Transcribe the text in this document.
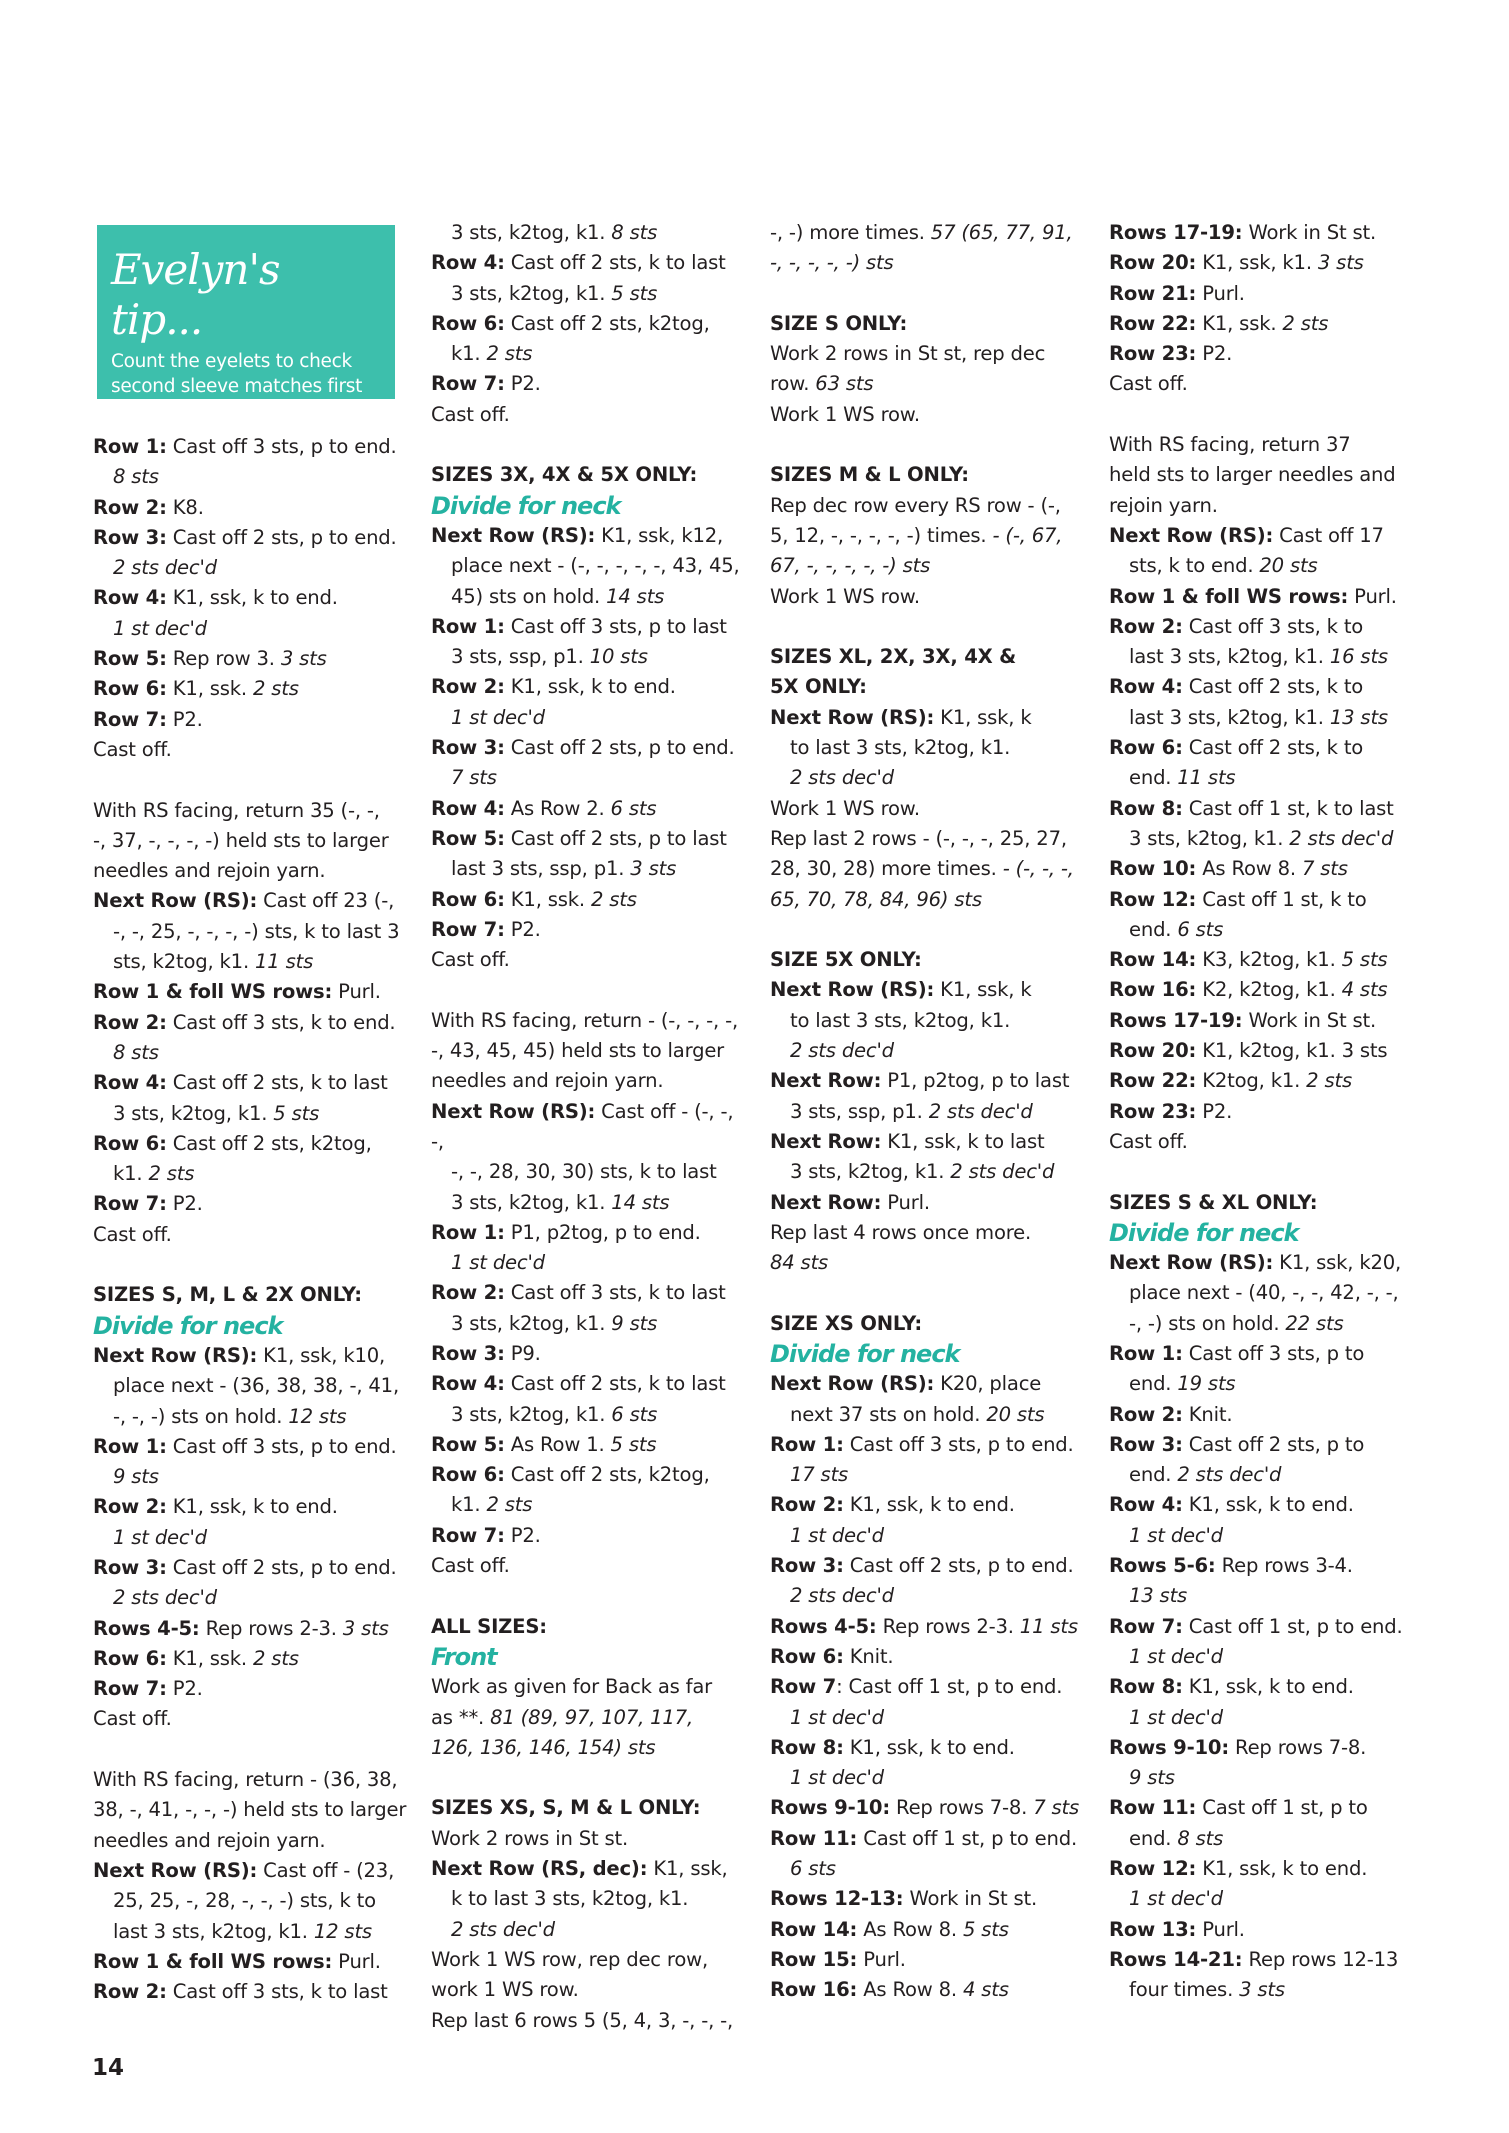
Evelyn's tip...
Count the eyelets to check second sleeve matches first for length
Row 1: Cast off 3 sts, p to end.
8 sts
Row 2: K8.
Row 3: Cast off 2 sts, p to end.
2 sts dec'd
Row 4: K1, ssk, k to end.
1 st dec'd
Row 5: Rep row 3. 3 sts
Row 6: K1, ssk. 2 sts
Row 7: P2.
Cast off.
With RS facing, return 35 (-, -,
-, 37, -, -, -, -) held sts to larger
needles and rejoin yarn.
Next Row (RS): Cast off 23 (-,
-, -, 25, -, -, -, -) sts, k to last 3
sts, k2tog, k1. 11 sts
Row 1 & foll WS rows: Purl.
Row 2: Cast off 3 sts, k to end.
8 sts
Row 4: Cast off 2 sts, k to last
3 sts, k2tog, k1. 5 sts
Row 6: Cast off 2 sts, k2tog,
k1. 2 sts
Row 7: P2.
Cast off.
SIZES S, M, L & 2X ONLY:
Divide for neck
Next Row (RS): K1, ssk, k10,
place next - (36, 38, 38, -, 41,
-, -, -) sts on hold. 12 sts
Row 1: Cast off 3 sts, p to end.
9 sts
Row 2: K1, ssk, k to end.
1 st dec'd
Row 3: Cast off 2 sts, p to end.
2 sts dec'd
Rows 4-5: Rep rows 2-3. 3 sts
Row 6: K1, ssk. 2 sts
Row 7: P2.
Cast off.
With RS facing, return - (36, 38,
38, -, 41, -, -, -) held sts to larger
needles and rejoin yarn.
Next Row (RS): Cast off - (23,
25, 25, -, 28, -, -, -) sts, k to
last 3 sts, k2tog, k1. 12 sts
Row 1 & foll WS rows: Purl.
Row 2: Cast off 3 sts, k to last
3 sts, k2tog, k1. 8 sts
Row 4: Cast off 2 sts, k to last
3 sts, k2tog, k1. 5 sts
Row 6: Cast off 2 sts, k2tog,
k1. 2 sts
Row 7: P2.
Cast off.
SIZES 3X, 4X & 5X ONLY:
Divide for neck
Next Row (RS): K1, ssk, k12,
place next - (-, -, -, -, -, 43, 45,
45) sts on hold. 14 sts
Row 1: Cast off 3 sts, p to last
3 sts, ssp, p1. 10 sts
Row 2: K1, ssk, k to end.
1 st dec'd
Row 3: Cast off 2 sts, p to end.
7 sts
Row 4: As Row 2. 6 sts
Row 5: Cast off 2 sts, p to last
last 3 sts, ssp, p1. 3 sts
Row 6: K1, ssk. 2 sts
Row 7: P2.
Cast off.
With RS facing, return - (-, -, -, -,
-, 43, 45, 45) held sts to larger
needles and rejoin yarn.
Next Row (RS): Cast off - (-, -, -,
-, -, 28, 30, 30) sts, k to last
3 sts, k2tog, k1. 14 sts
Row 1: P1, p2tog, p to end.
1 st dec'd
Row 2: Cast off 3 sts, k to last
3 sts, k2tog, k1. 9 sts
Row 3: P9.
Row 4: Cast off 2 sts, k to last
3 sts, k2tog, k1. 6 sts
Row 5: As Row 1. 5 sts
Row 6: Cast off 2 sts, k2tog,
k1. 2 sts
Row 7: P2.
Cast off.
ALL SIZES:
Front
Work as given for Back as far
as **. 81 (89, 97, 107, 117,
126, 136, 146, 154) sts
SIZES XS, S, M & L ONLY:
Work 2 rows in St st.
Next Row (RS, dec): K1, ssk,
k to last 3 sts, k2tog, k1.
2 sts dec'd
Work 1 WS row, rep dec row,
work 1 WS row.
Rep last 6 rows 5 (5, 4, 3, -, -, -,
-, -) more times. 57 (65, 77, 91,
-, -, -, -, -) sts
SIZE S ONLY:
Work 2 rows in St st, rep dec
row. 63 sts
Work 1 WS row.
SIZES M & L ONLY:
Rep dec row every RS row - (-,
5, 12, -, -, -, -, -) times. - (-, 67,
67, -, -, -, -, -) sts
Work 1 WS row.
SIZES XL, 2X, 3X, 4X &
5X ONLY:
Next Row (RS): K1, ssk, k
to last 3 sts, k2tog, k1.
2 sts dec'd
Work 1 WS row.
Rep last 2 rows - (-, -, -, 25, 27,
28, 30, 28) more times. - (-, -, -,
65, 70, 78, 84, 96) sts
SIZE 5X ONLY:
Next Row (RS): K1, ssk, k
to last 3 sts, k2tog, k1.
2 sts dec'd
Next Row: P1, p2tog, p to last
3 sts, ssp, p1. 2 sts dec'd
Next Row: K1, ssk, k to last
3 sts, k2tog, k1. 2 sts dec'd
Next Row: Purl.
Rep last 4 rows once more.
84 sts
SIZE XS ONLY:
Divide for neck
Next Row (RS): K20, place
next 37 sts on hold. 20 sts
Row 1: Cast off 3 sts, p to end.
17 sts
Row 2: K1, ssk, k to end.
1 st dec'd
Row 3: Cast off 2 sts, p to end.
2 sts dec'd
Rows 4-5: Rep rows 2-3. 11 sts
Row 6: Knit.
Row 7: Cast off 1 st, p to end.
1 st dec'd
Row 8: K1, ssk, k to end.
1 st dec'd
Rows 9-10: Rep rows 7-8. 7 sts
Row 11: Cast off 1 st, p to end.
6 sts
Rows 12-13: Work in St st.
Row 14: As Row 8. 5 sts
Row 15: Purl.
Row 16: As Row 8. 4 sts
Rows 17-19: Work in St st.
Row 20: K1, ssk, k1. 3 sts
Row 21: Purl.
Row 22: K1, ssk. 2 sts
Row 23: P2.
Cast off.
With RS facing, return 37
held sts to larger needles and
rejoin yarn.
Next Row (RS): Cast off 17
sts, k to end. 20 sts
Row 1 & foll WS rows: Purl.
Row 2: Cast off 3 sts, k to
last 3 sts, k2tog, k1. 16 sts
Row 4: Cast off 2 sts, k to
last 3 sts, k2tog, k1. 13 sts
Row 6: Cast off 2 sts, k to
end. 11 sts
Row 8: Cast off 1 st, k to last
3 sts, k2tog, k1. 2 sts dec'd
Row 10: As Row 8. 7 sts
Row 12: Cast off 1 st, k to
end. 6 sts
Row 14: K3, k2tog, k1. 5 sts
Row 16: K2, k2tog, k1. 4 sts
Rows 17-19: Work in St st.
Row 20: K1, k2tog, k1. 3 sts
Row 22: K2tog, k1. 2 sts
Row 23: P2.
Cast off.
SIZES S & XL ONLY:
Divide for neck
Next Row (RS): K1, ssk, k20,
place next - (40, -, -, 42, -, -,
-, -) sts on hold. 22 sts
Row 1: Cast off 3 sts, p to
end. 19 sts
Row 2: Knit.
Row 3: Cast off 2 sts, p to
end. 2 sts dec'd
Row 4: K1, ssk, k to end.
1 st dec'd
Rows 5-6: Rep rows 3-4.
13 sts
Row 7: Cast off 1 st, p to end.
1 st dec'd
Row 8: K1, ssk, k to end.
1 st dec'd
Rows 9-10: Rep rows 7-8.
9 sts
Row 11: Cast off 1 st, p to
end. 8 sts
Row 12: K1, ssk, k to end.
1 st dec'd
Row 13: Purl.
Rows 14-21: Rep rows 12-13
four times. 3 sts
14
